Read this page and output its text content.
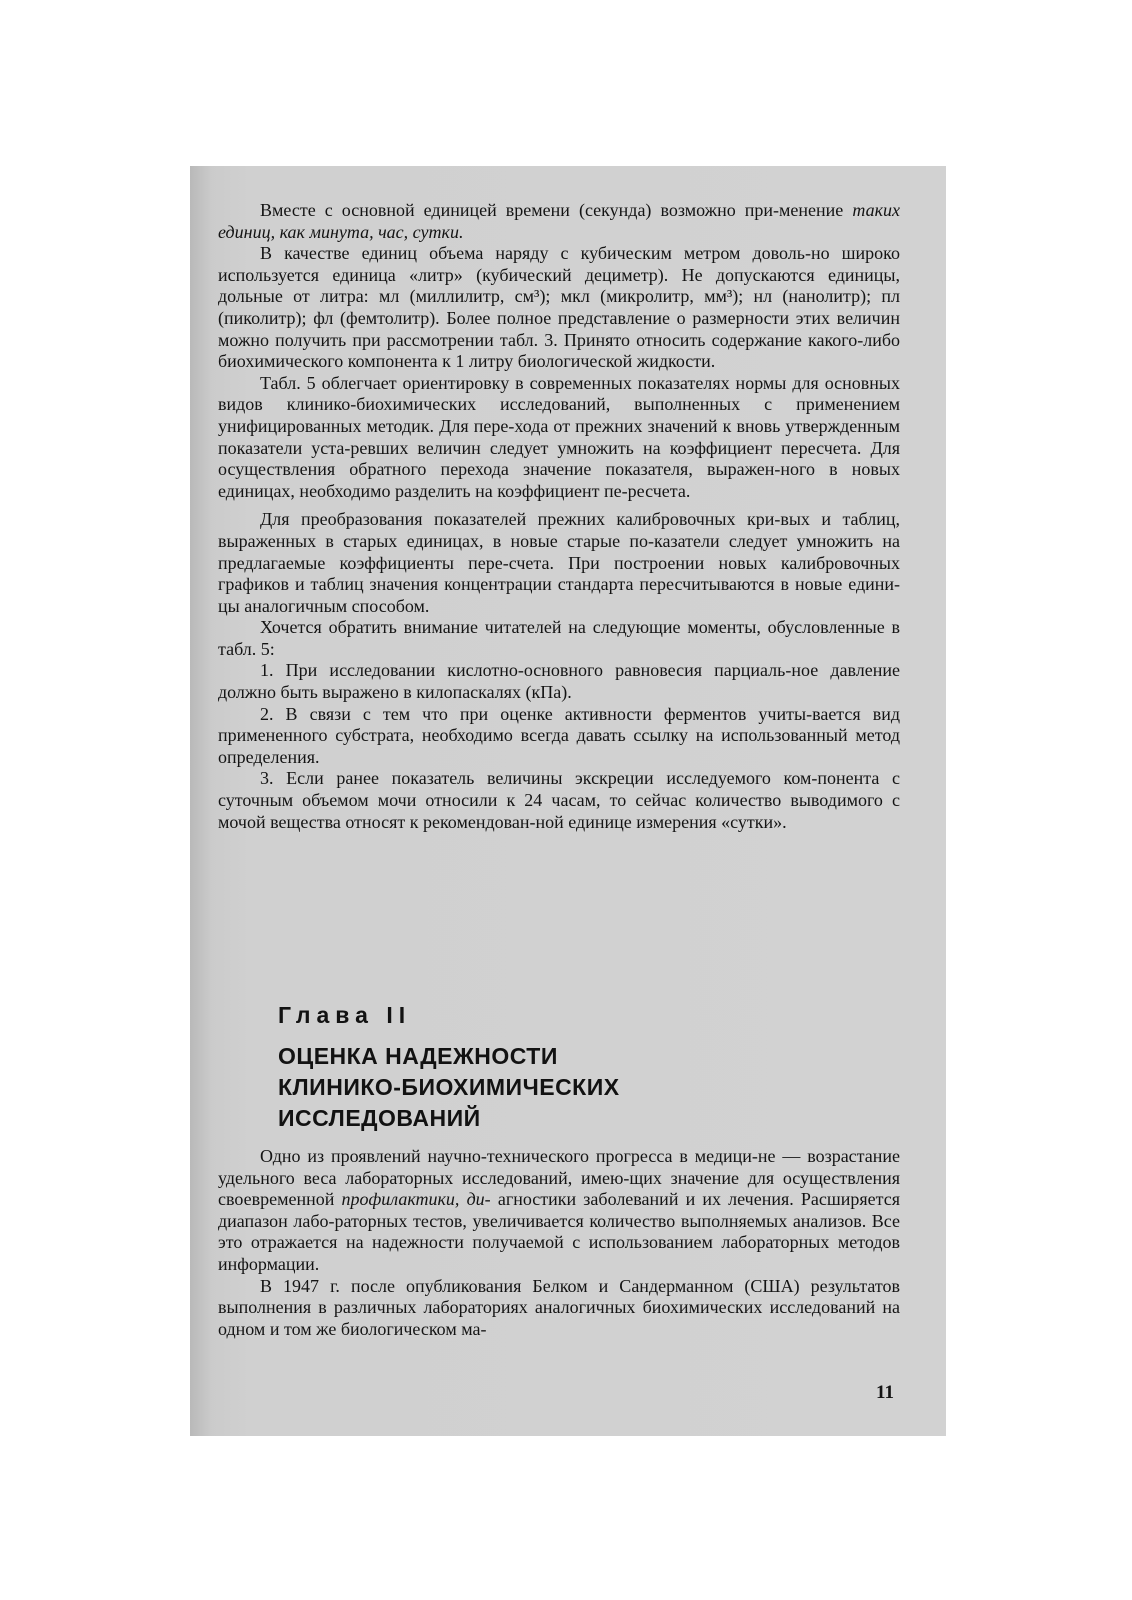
Вместе с основной единицей времени (секунда) возможно при-менение таких единиц, как минута, час, сутки.

В качестве единиц объема наряду с кубическим метром доволь-но широко используется единица «литр» (кубический дециметр). Не допускаются единицы, дольные от литра: мл (миллилитр, см³); мкл (микролитр, мм³); нл (нанолитр); пл (пиколитр); фл (фемтолитр). Более полное представление о размерности этих величин можно получить при рассмотрении табл. 3. Принято относить содержание какого-либо биохимического компонента к 1 литру биологической жидкости.

Табл. 5 облегчает ориентировку в современных показателях нормы для основных видов клинико-биохимических исследований, выполненных с применением унифицированных методик. Для пере-хода от прежних значений к вновь утвержденным показатели уста-ревших величин следует умножить на коэффициент пересчета. Для осуществления обратного перехода значение показателя, выражен-ного в новых единицах, необходимо разделить на коэффициент пе-ресчета.

Для преобразования показателей прежних калибровочных кри-вых и таблиц, выраженных в старых единицах, в новые старые по-казатели следует умножить на предлагаемые коэффициенты пере-счета. При построении новых калибровочных графиков и таблиц значения концентрации стандарта пересчитываются в новые едини-цы аналогичным способом.

Хочется обратить внимание читателей на следующие моменты, обусловленные в табл. 5:

1. При исследовании кислотно-основного равновесия парциаль-ное давление должно быть выражено в килопаскалях (кПа).

2. В связи с тем что при оценке активности ферментов учиты-вается вид примененного субстрата, необходимо всегда давать ссылку на использованный метод определения.

3. Если ранее показатель величины экскреции исследуемого ком-понента с суточным объемом мочи относили к 24 часам, то сейчас количество выводимого с мочой вещества относят к рекомендован-ной единице измерения «сутки».

Глава II
ОЦЕНКА НАДЕЖНОСТИ
КЛИНИКО-БИОХИМИЧЕСКИХ
ИССЛЕДОВАНИЙ

Одно из проявлений научно-технического прогресса в медици-не — возрастание удельного веса лабораторных исследований, имею-щих значение для осуществления своевременной профилактики, ди- агностики заболеваний и их лечения. Расширяется диапазон лабо-раторных тестов, увеличивается количество выполняемых анализов. Все это отражается на надежности получаемой с использованием лабораторных методов информации.

В 1947 г. после опубликования Белком и Сандерманном (США) результатов выполнения в различных лабораториях аналогичных биохимических исследований на одном и том же биологическом ма-

11
